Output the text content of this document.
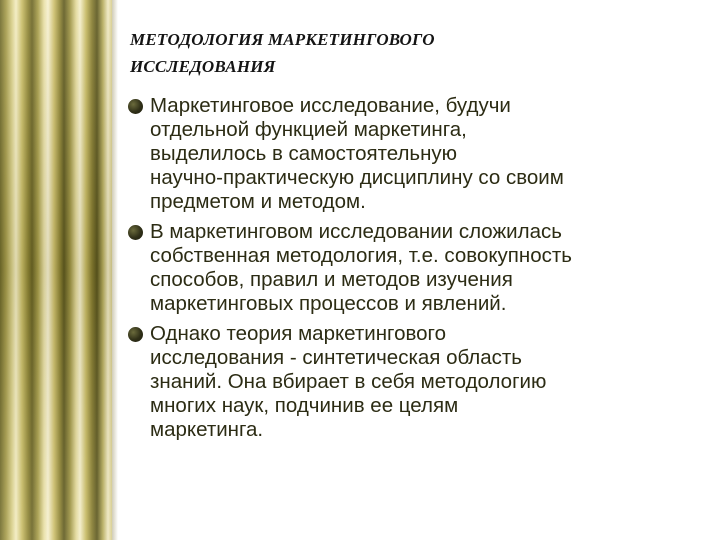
МЕТОДОЛОГИЯ МАРКЕТИНГОВОГО
ИССЛЕДОВАНИЯ
Маркетинговое исследование, будучи
отдельной функцией маркетинга,
выделилось в самостоятельную
научно-практическую дисциплину со своим
предметом и методом.
В маркетинговом исследовании сложилась
собственная методология, т.е. совокупность
способов, правил и методов изучения
маркетинговых процессов и явлений.
Однако теория маркетингового
исследования - синтетическая область
знаний. Она вбирает в себя методологию
многих наук, подчинив ее целям
маркетинга.
